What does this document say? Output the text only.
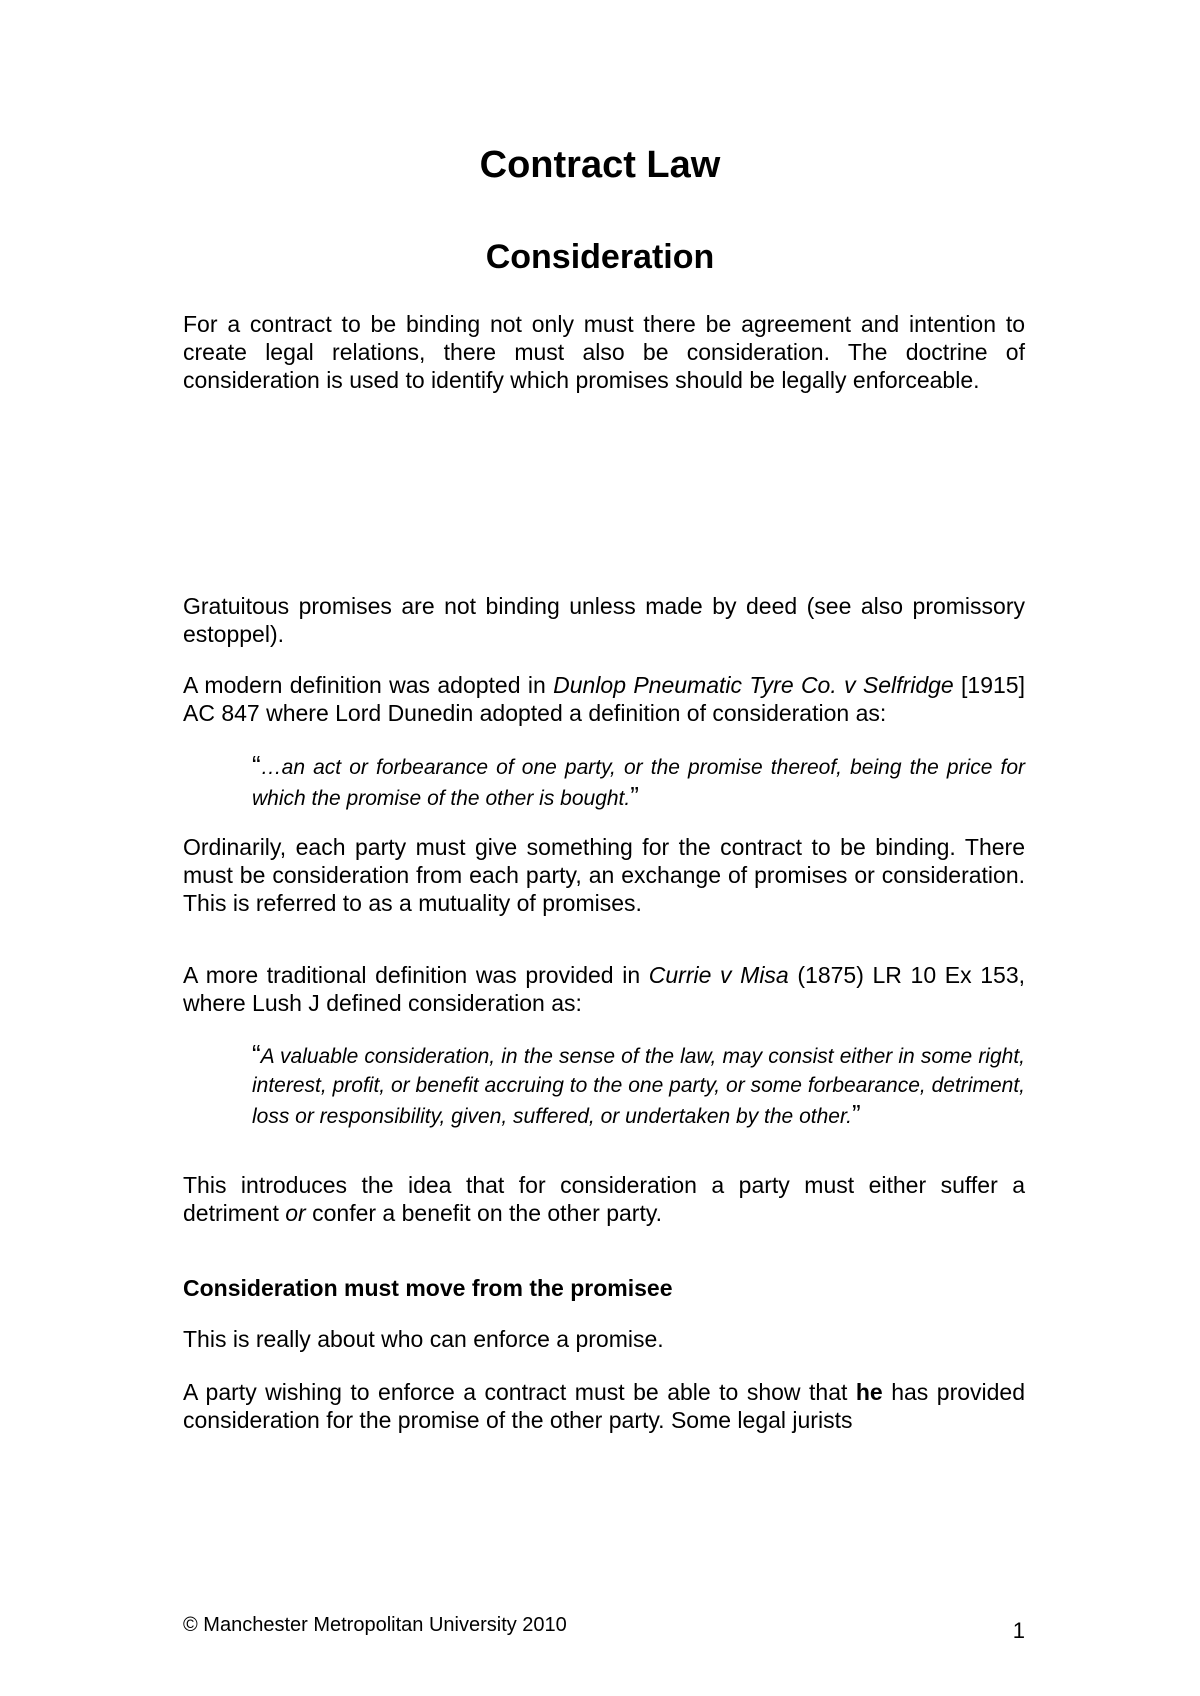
Contract Law
Consideration

For a contract to be binding not only must there be agreement and intention to create legal relations, there must also be consideration. The doctrine of consideration is used to identify which promises should be legally enforceable.

Gratuitous promises are not binding unless made by deed (see also promissory estoppel).

A modern definition was adopted in Dunlop Pneumatic Tyre Co. v Selfridge [1915] AC 847 where Lord Dunedin adopted a definition of consideration as:

“…an act or forbearance of one party, or the promise thereof, being the price for which the promise of the other is bought.”

Ordinarily, each party must give something for the contract to be binding. There must be consideration from each party, an exchange of promises or consideration. This is referred to as a mutuality of promises.

A more traditional definition was provided in Currie v Misa (1875) LR 10 Ex 153, where Lush J defined consideration as:

“A valuable consideration, in the sense of the law, may consist either in some right, interest, profit, or benefit accruing to the one party, or some forbearance, detriment, loss or responsibility, given, suffered, or undertaken by the other.”

This introduces the idea that for consideration a party must either suffer a detriment or confer a benefit on the other party.

Consideration must move from the promisee

This is really about who can enforce a promise.

A party wishing to enforce a contract must be able to show that he has provided consideration for the promise of the other party. Some legal jurists

© Manchester Metropolitan University 2010	1
